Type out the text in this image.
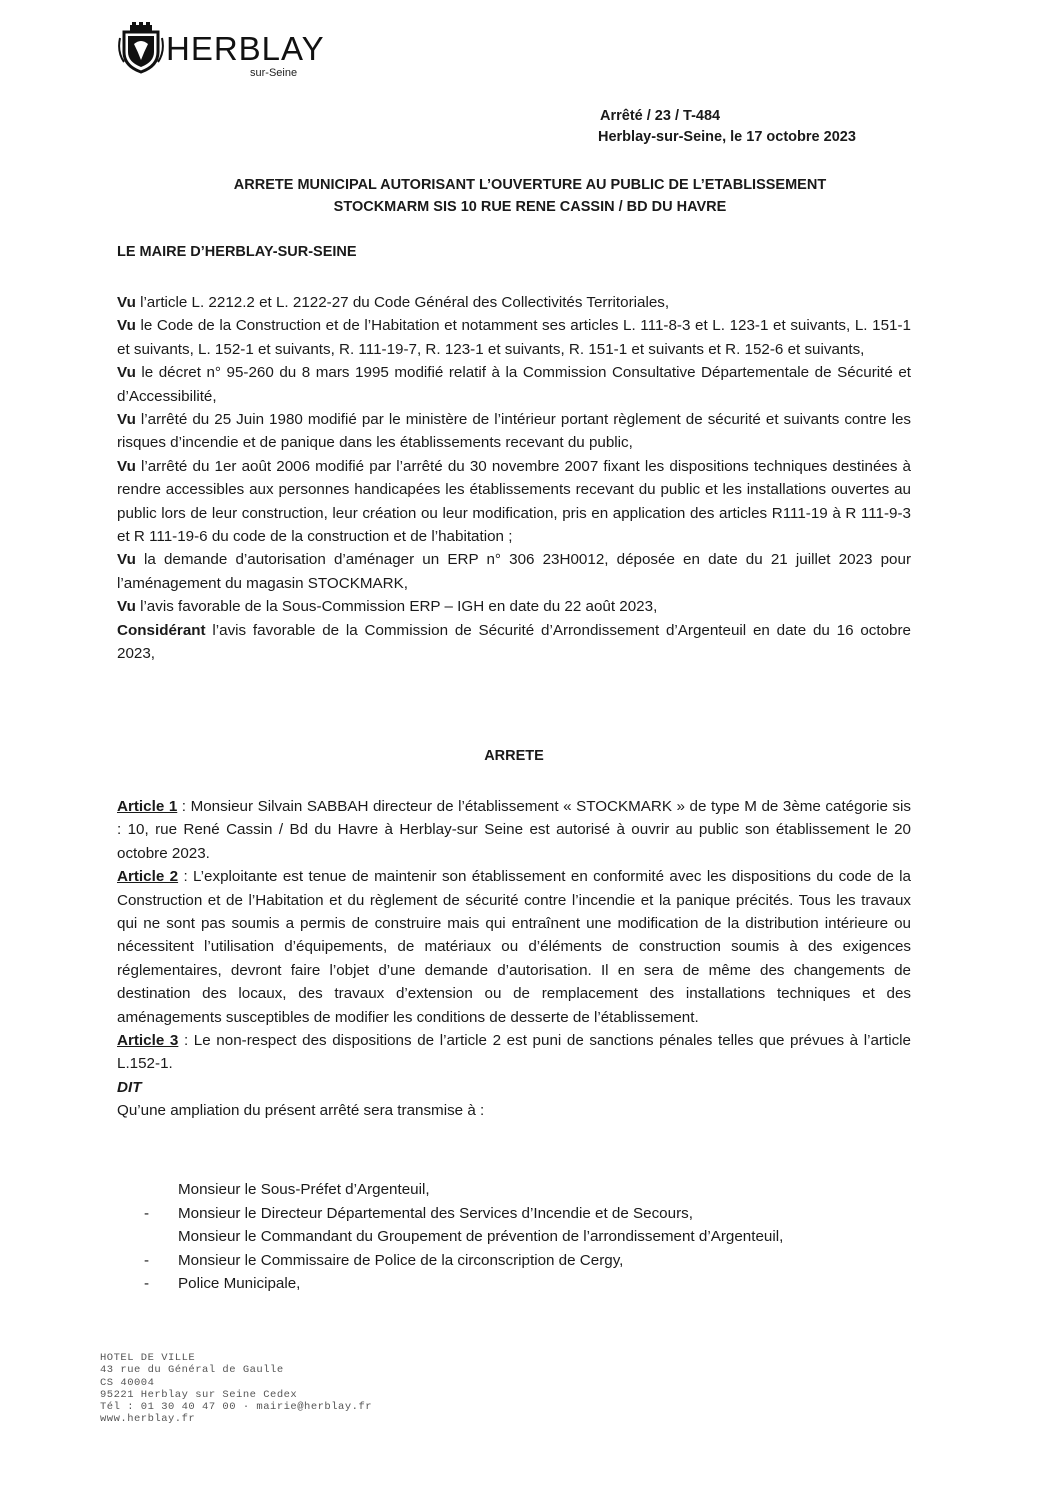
HERBLAY
sur-Seine
Arrêté / 23 / T-484
Herblay-sur-Seine, le 17 octobre 2023
ARRETE MUNICIPAL AUTORISANT L’OUVERTURE AU PUBLIC DE L’ETABLISSEMENT
STOCKMARM SIS 10 RUE RENE CASSIN / BD DU HAVRE
LE MAIRE D’HERBLAY-SUR-SEINE

Vu l’article L. 2212.2 et L. 2122-27 du Code Général des Collectivités Territoriales,

Vu le Code de la Construction et de l’Habitation et notamment ses articles L. 111-8-3 et L. 123-1 et suivants, L. 151-1 et suivants, L. 152-1 et suivants, R. 111-19-7, R. 123-1 et suivants, R. 151-1 et suivants et R. 152-6 et suivants,

Vu le décret n° 95-260 du 8 mars 1995 modifié relatif à la Commission Consultative Départementale de Sécurité et d’Accessibilité,

Vu l’arrêté du 25 Juin 1980 modifié par le ministère de l’intérieur portant règlement de sécurité et suivants contre les risques d’incendie et de panique dans les établissements recevant du public,

Vu l’arrêté du 1er août 2006 modifié par l’arrêté du 30 novembre 2007 fixant les dispositions techniques destinées à rendre accessibles aux personnes handicapées les établissements recevant du public et les installations ouvertes au public lors de leur construction, leur création ou leur modification, pris en application des articles R111-19 à R 111-9-3 et R 111-19-6 du code de la construction et de l’habitation ;

Vu la demande d’autorisation d’aménager un ERP n° 306 23H0012, déposée en date du 21 juillet 2023 pour l’aménagement du magasin STOCKMARK,

Vu l’avis favorable de la Sous-Commission ERP – IGH en date du 22 août 2023,

Considérant l’avis favorable de la Commission de Sécurité d’Arrondissement d’Argenteuil en date du 16 octobre 2023,

ARRETE

Article 1 : Monsieur Silvain SABBAH directeur de l’établissement « STOCKMARK » de type M de 3ème catégorie sis : 10, rue René Cassin / Bd du Havre à Herblay-sur Seine est autorisé à ouvrir au public son établissement le 20 octobre 2023.

Article 2 : L’exploitante est tenue de maintenir son établissement en conformité avec les dispositions du code de la Construction et de l’Habitation et du règlement de sécurité contre l’incendie et la panique précités. Tous les travaux qui ne sont pas soumis a permis de construire mais qui entraînent une modification de la distribution intérieure ou nécessitent l’utilisation d’équipements, de matériaux ou d’éléments de construction soumis à des exigences réglementaires, devront faire l’objet d’une demande d’autorisation. Il en sera de même des changements de destination des locaux, des travaux d’extension ou de remplacement des installations techniques et des aménagements susceptibles de modifier les conditions de desserte de l’établissement.

Article 3 : Le non-respect des dispositions de l’article 2 est puni de sanctions pénales telles que prévues à l’article L.152-1.

DIT

Qu’une ampliation du présent arrêté sera transmise à :

Monsieur le Sous-Préfet d’Argenteuil,
-	Monsieur le Directeur Départemental des Services d’Incendie et de Secours,
Monsieur le Commandant du Groupement de prévention de l’arrondissement d’Argenteuil,
-	Monsieur le Commissaire de Police de la circonscription de Cergy,
-	Police Municipale,
HOTEL DE VILLE
43 rue du Général de Gaulle
CS 40004
95221 Herblay sur Seine Cedex
Tél : 01 30 40 47 00 · mairie@herblay.fr
www.herblay.fr
